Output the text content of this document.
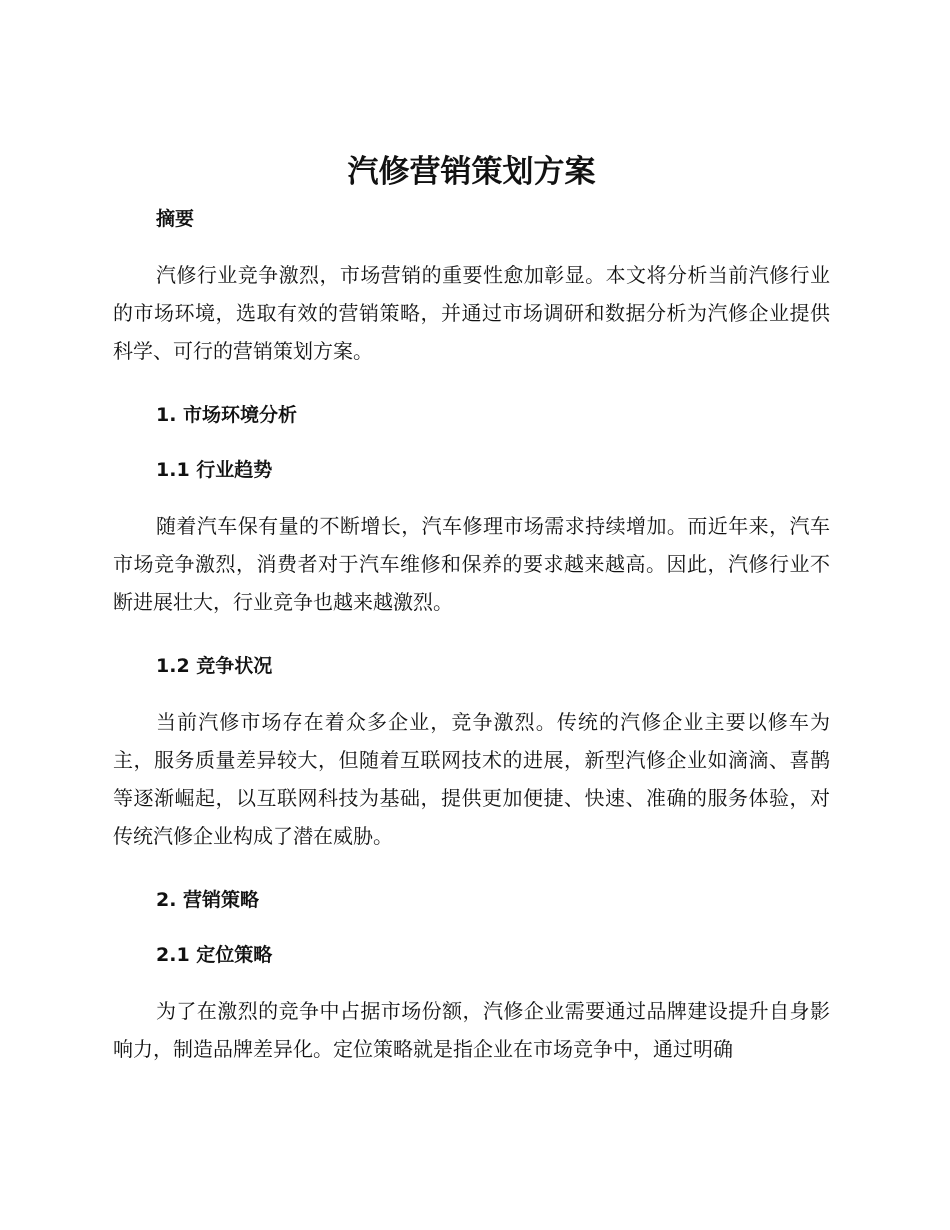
汽修营销策划方案
摘要

汽修行业竞争激烈，市场营销的重要性愈加彰显。本文将分析当前汽修行业的市场环境，选取有效的营销策略，并通过市场调研和数据分析为汽修企业提供科学、可行的营销策划方案。

1. 市场环境分析
1.1 行业趋势

随着汽车保有量的不断增长，汽车修理市场需求持续增加。而近年来，汽车市场竞争激烈，消费者对于汽车维修和保养的要求越来越高。因此，汽修行业不断进展壮大，行业竞争也越来越激烈。

1.2 竞争状况

当前汽修市场存在着众多企业，竞争激烈。传统的汽修企业主要以修车为主，服务质量差异较大，但随着互联网技术的进展，新型汽修企业如滴滴、喜鹊等逐渐崛起，以互联网科技为基础，提供更加便捷、快速、准确的服务体验，对传统汽修企业构成了潜在威胁。

2. 营销策略
2.1 定位策略

为了在激烈的竞争中占据市场份额，汽修企业需要通过品牌建设提升自身影响力，制造品牌差异化。定位策略就是指企业在市场竞争中，通过明确
